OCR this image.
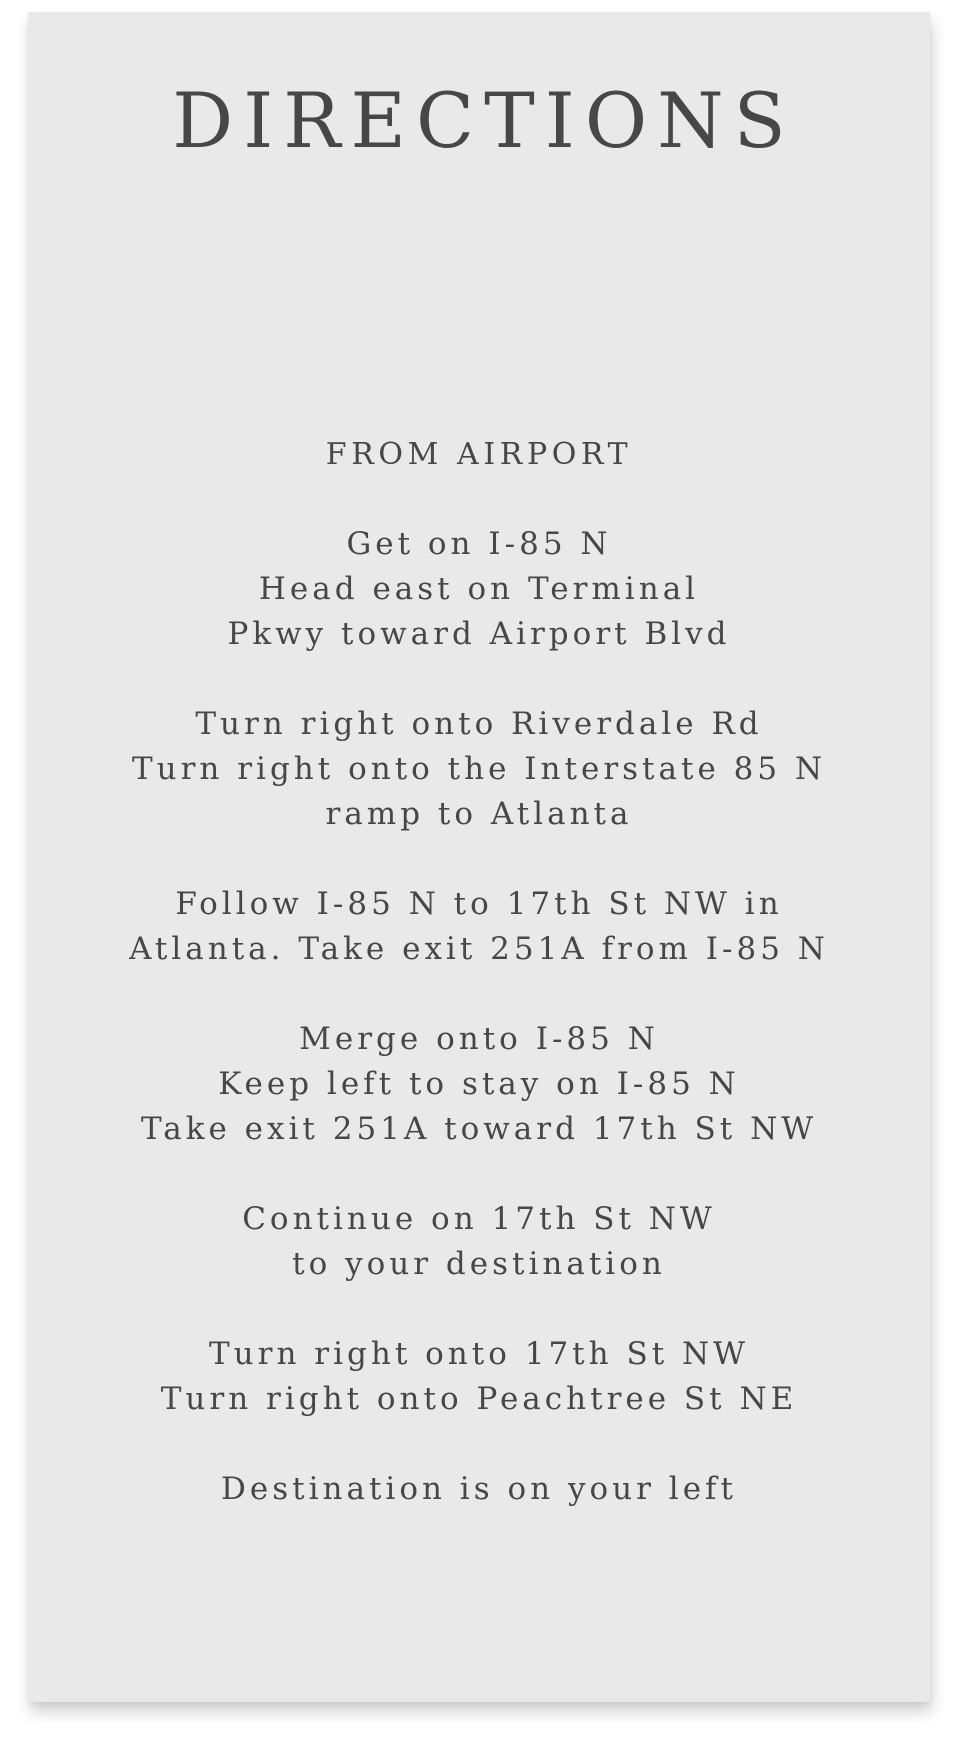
DIRECTIONS

FROM AIRPORT

Get on I-85 N
Head east on Terminal
Pkwy toward Airport Blvd
Turn right onto Riverdale Rd
Turn right onto the Interstate 85 N
ramp to Atlanta
Follow I-85 N to 17th St NW in
Atlanta. Take exit 251A from I-85 N
Merge onto I-85 N
Keep left to stay on I-85 N
Take exit 251A toward 17th St NW
Continue on 17th St NW
to your destination
Turn right onto 17th St NW
Turn right onto Peachtree St NE
Destination is on your left
